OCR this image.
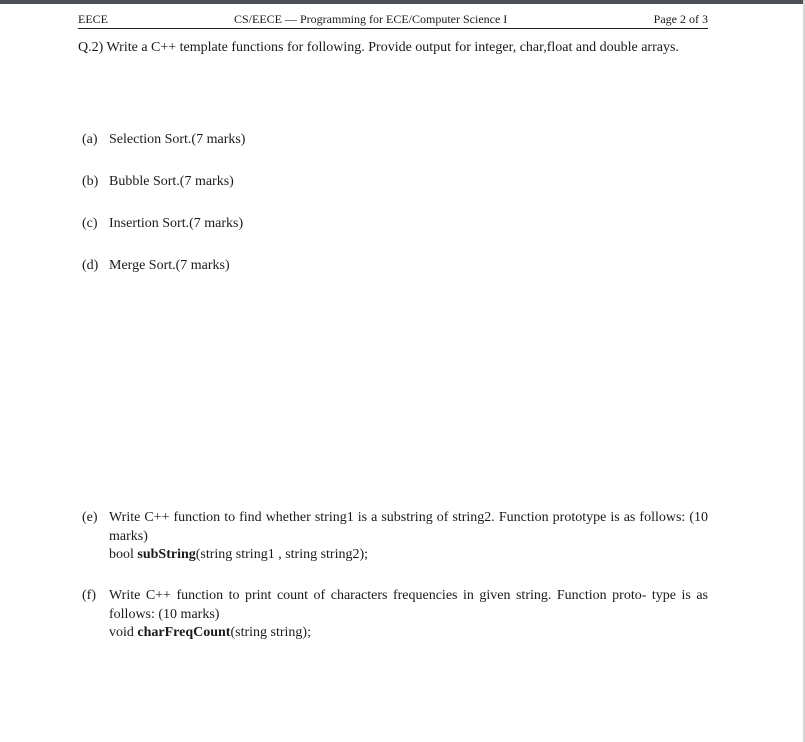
EECE	CS/EECE — Programming for ECE/Computer Science I	Page 2 of 3
Q.2) Write a C++ template functions for following. Provide output for integer, char,float and double arrays.
(a) Selection Sort.(7 marks)
(b) Bubble Sort.(7 marks)
(c) Insertion Sort.(7 marks)
(d) Merge Sort.(7 marks)
(e) Write C++ function to find whether string1 is a substring of string2. Function prototype is as follows: (10 marks)
bool subString(string string1 , string string2);
(f) Write C++ function to print count of characters frequencies in given string. Function proto- type is as follows: (10 marks)
void charFreqCount(string string);
